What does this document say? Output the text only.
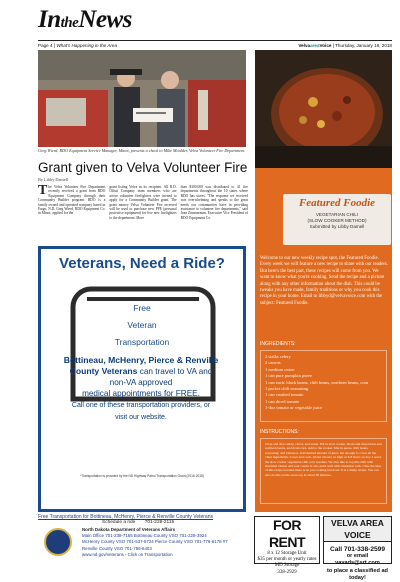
IntheNews
Page 4 | What's Happening in the Area	VelvaareaVoice | Thursday, January 18, 2018
Greg Wierd, RDO Equipment Service Manager, Minot, presents a check to Mike Moulder, Velva Volunteer Fire Department.
Grant given to Velva Volunteer Fire
By Libby Damell
The Velva Volunteer Fire Department recently received a grant from RDO Equipment Company through their Community Builder program. RDO is a family owned and operated company based in Fargo, N.D. Greg Wierd, RDO Equipment Co. in Minot, applied for the
grant listing Velva as its recipient. All R.D. Offutt Company team members who are active volunteer firefighters were invited to apply for a Community Builder grant. The grant money Velva Volunteer Fire received will be used to purchase new PPE (personal protective equipment) for five new firefighters to the department. More
than $300,000 was distributed to 41 fire departments throughout the 10 states where RDO has stores. "The response we received was overwhelming and speaks to the great needs our communities have in providing assistance to volunteer fire departments," said Jean Zimmerman, Executive Vice President of RDO Equipment Co.
Veterans, Need a Ride?
Free
Veteran
Transportation
Bottineau, McHenry, Pierce & Renville County Veterans can travel to VA and
non-VA approved
medical appointments for FREE.
Call one of these transportation providers, or
visit our website.
*Transportation is provided by the ND Highway Patrol Transportation Grant (2016-2018)
Free Transportation for Bottineau, McHenry, Pierce & Renville County Veterans
Schedule a ride 701-228-2115
North Dakota Department of Veterans Affairs
Main Office 701-239-7165 Bottineau County VSO 701-228-3924
McHenry County VSO 701-537-5724 Pierce County VSO 701-776-6178 #7
Renville County VSO 701-756-6403
www.nd.gov/veterans - Click on Transportation
Featured Foodie
VEGETARIAN CHILI
(SLOW COOKER METHOD)
Submitted by Libby Damell
Welcome to our new weekly recipe spot, the Featured Foodie. Every week we will feature a new recipe to share with our readers. But here's the best part, these recipes will come from you. We want to know what you're cooking. Send the recipe and a picture along with any other information about the dish. This could be tweaks you have made, family traditions or why you cook this recipe in your home. Email to libbyd@velvavoice.com with the subject: Featured Foodie.
INGREDIENTS:
2 stalks celery
2 carrots
1 medium onion
1 can pure pumpkin puree
1 can each: black beans, chili beans, northern beans, corn
1 packet chili seasoning
1 can crushed tomato
1 can diced tomato
1-4oz tomato or vegetable juice
INSTRUCTIONS:
Chop and dice celery, carrot, and onion. Put in slow cooker. Drain and rinse black and northern beans, and drain corn. Add to the cooker. Mix in puree, chili beans, seasoning, and tomatoes. Add desired amount of juice, but enough to cover all the other ingredients. Cover and cook. About 4 hours on high or 6-8 hours on low. I serve the slow cooker vegetarian chili over noodles. We also like to top this chili with shredded cheese and sour cream. It also pairs well with cinnamon rolls. I like the idea of this recipe because there is no pre-cooking involved. It is a dump recipe. You can also do this on the stove top in about 30 minutes.
FOR RENT
8 x 12 Storage Unit
$35 per month or yearly rates
MD Storage
338-2929
VELVA AREA VOICE
Call 701-338-2599
or email vavads@srt.com
to place a classified ad today!
